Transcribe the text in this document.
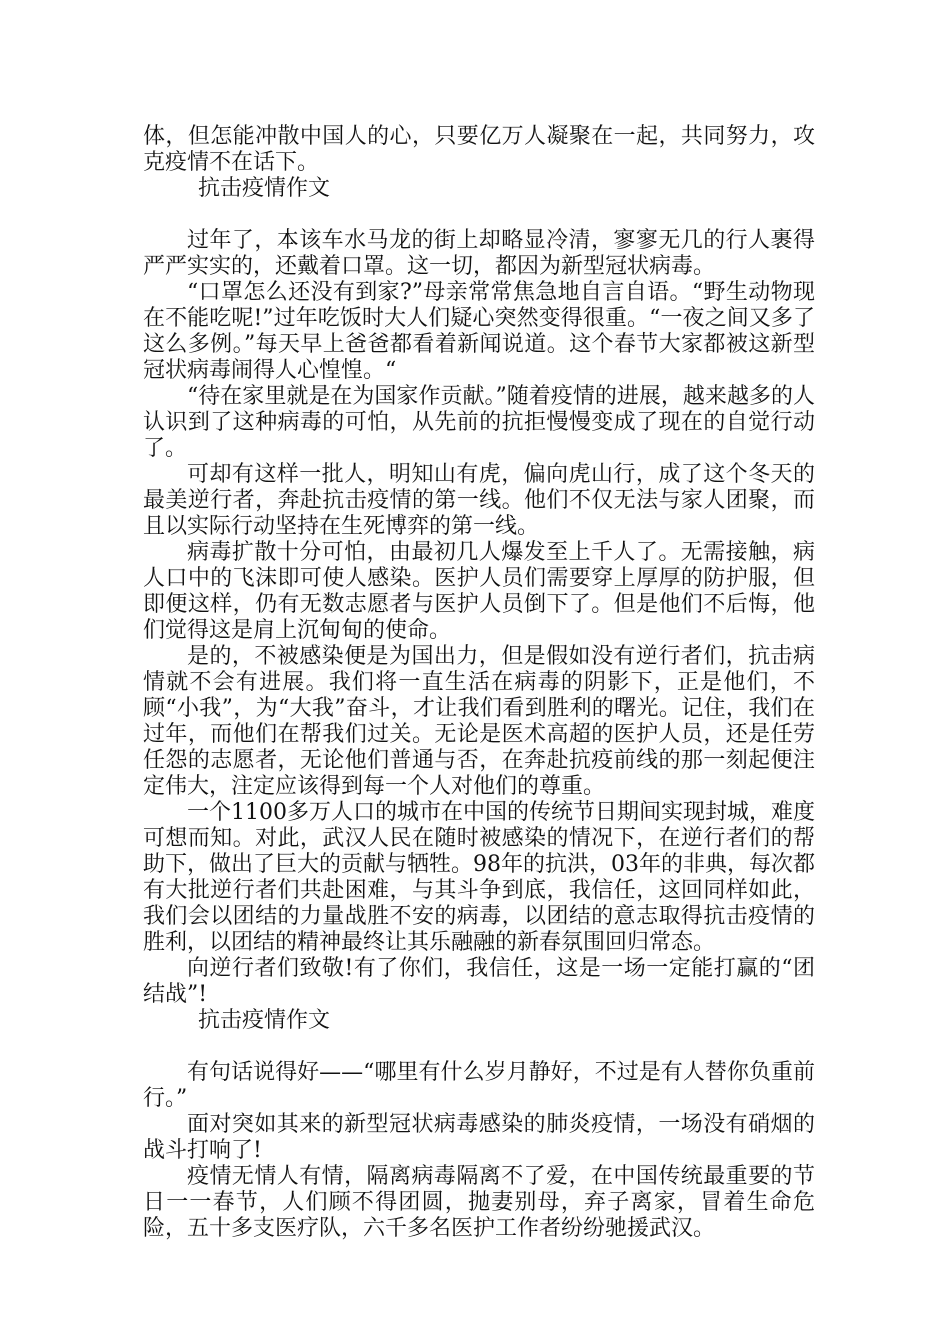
体，但怎能冲散中国人的心，只要亿万人凝聚在一起，共同努力，攻克疫情不在话下。

抗击疫情作文

过年了，本该车水马龙的街上却略显冷清，寥寥无几的行人裹得严严实实的，还戴着口罩。这一切，都因为新型冠状病毒。

“口罩怎么还没有到家?”母亲常常焦急地自言自语。“野生动物现在不能吃呢!”过年吃饭时大人们疑心突然变得很重。“一夜之间又多了这么多例。”每天早上爸爸都看着新闻说道。这个春节大家都被这新型冠状病毒闹得人心惶惶。“

“待在家里就是在为国家作贡献。”随着疫情的进展，越来越多的人认识到了这种病毒的可怕，从先前的抗拒慢慢变成了现在的自觉行动了。

可却有这样一批人，明知山有虎，偏向虎山行，成了这个冬天的最美逆行者，奔赴抗击疫情的第一线。他们不仅无法与家人团聚，而且以实际行动坚持在生死博弈的第一线。

病毒扩散十分可怕，由最初几人爆发至上千人了。无需接触，病人口中的飞沫即可使人感染。医护人员们需要穿上厚厚的防护服，但即便这样，仍有无数志愿者与医护人员倒下了。但是他们不后悔，他们觉得这是肩上沉甸甸的使命。

是的，不被感染便是为国出力，但是假如没有逆行者们，抗击病情就不会有进展。我们将一直生活在病毒的阴影下，正是他们，不顾“小我”，为“大我”奋斗，才让我们看到胜利的曙光。记住，我们在过年，而他们在帮我们过关。无论是医术高超的医护人员，还是任劳任怨的志愿者，无论他们普通与否，在奔赴抗疫前线的那一刻起便注定伟大，注定应该得到每一个人对他们的尊重。

一个1100多万人口的城市在中国的传统节日期间实现封城，难度可想而知。对此，武汉人民在随时被感染的情况下，在逆行者们的帮助下，做出了巨大的贡献与牺牲。98年的抗洪，03年的非典，每次都有大批逆行者们共赴困难，与其斗争到底，我信任，这回同样如此，我们会以团结的力量战胜不安的病毒，以团结的意志取得抗击疫情的胜利，以团结的精神最终让其乐融融的新春氛围回归常态。

向逆行者们致敬!有了你们，我信任，这是一场一定能打赢的“团结战”!

抗击疫情作文

有句话说得好——“哪里有什么岁月静好，不过是有人替你负重前行。”

面对突如其来的新型冠状病毒感染的肺炎疫情，一场没有硝烟的战斗打响了!

疫情无情人有情，隔离病毒隔离不了爱，在中国传统最重要的节日一一春节，人们顾不得团圆，抛妻别母，弃子离家，冒着生命危险，五十多支医疗队，六千多名医护工作者纷纷驰援武汉。
